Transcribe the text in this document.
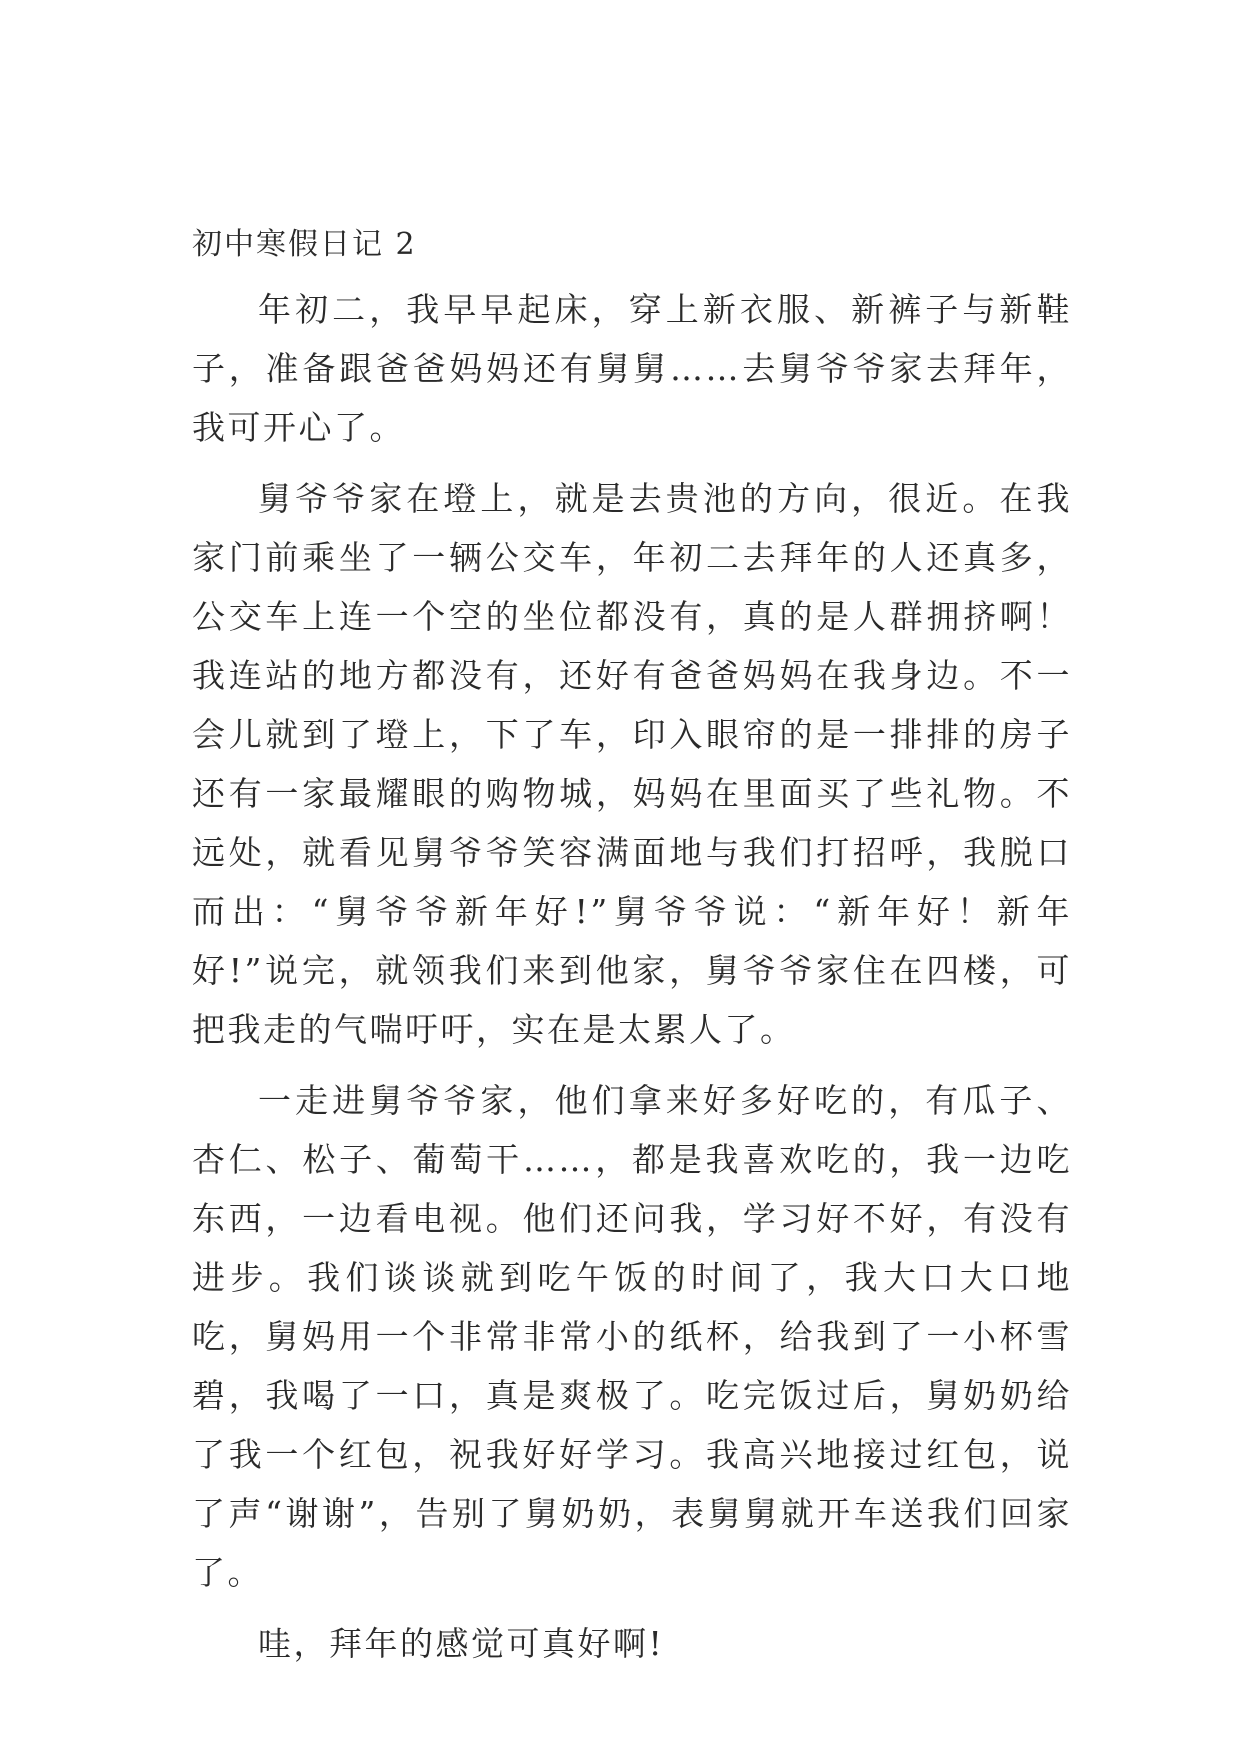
初中寒假日记 2

年初二，我早早起床，穿上新衣服、新裤子与新鞋子，准备跟爸爸妈妈还有舅舅……去舅爷爷家去拜年，我可开心了。

舅爷爷家在墱上，就是去贵池的方向，很近。在我家门前乘坐了一辆公交车，年初二去拜年的人还真多，公交车上连一个空的坐位都没有，真的是人群拥挤啊！我连站的地方都没有，还好有爸爸妈妈在我身边。不一会儿就到了墱上，下了车，印入眼帘的是一排排的房子还有一家最耀眼的购物城，妈妈在里面买了些礼物。不远处，就看见舅爷爷笑容满面地与我们打招呼，我脱口而出：“舅爷爷新年好!”舅爷爷说：“新年好！新年好!”说完，就领我们来到他家，舅爷爷家住在四楼，可把我走的气喘吁吁，实在是太累人了。

一走进舅爷爷家，他们拿来好多好吃的，有瓜子、杏仁、松子、葡萄干……，都是我喜欢吃的，我一边吃东西，一边看电视。他们还问我，学习好不好，有没有进步。我们谈谈就到吃午饭的时间了，我大口大口地吃，舅妈用一个非常非常小的纸杯，给我到了一小杯雪碧，我喝了一口，真是爽极了。吃完饭过后，舅奶奶给了我一个红包，祝我好好学习。我高兴地接过红包，说了声“谢谢”，告别了舅奶奶，表舅舅就开车送我们回家了。

哇，拜年的感觉可真好啊!
